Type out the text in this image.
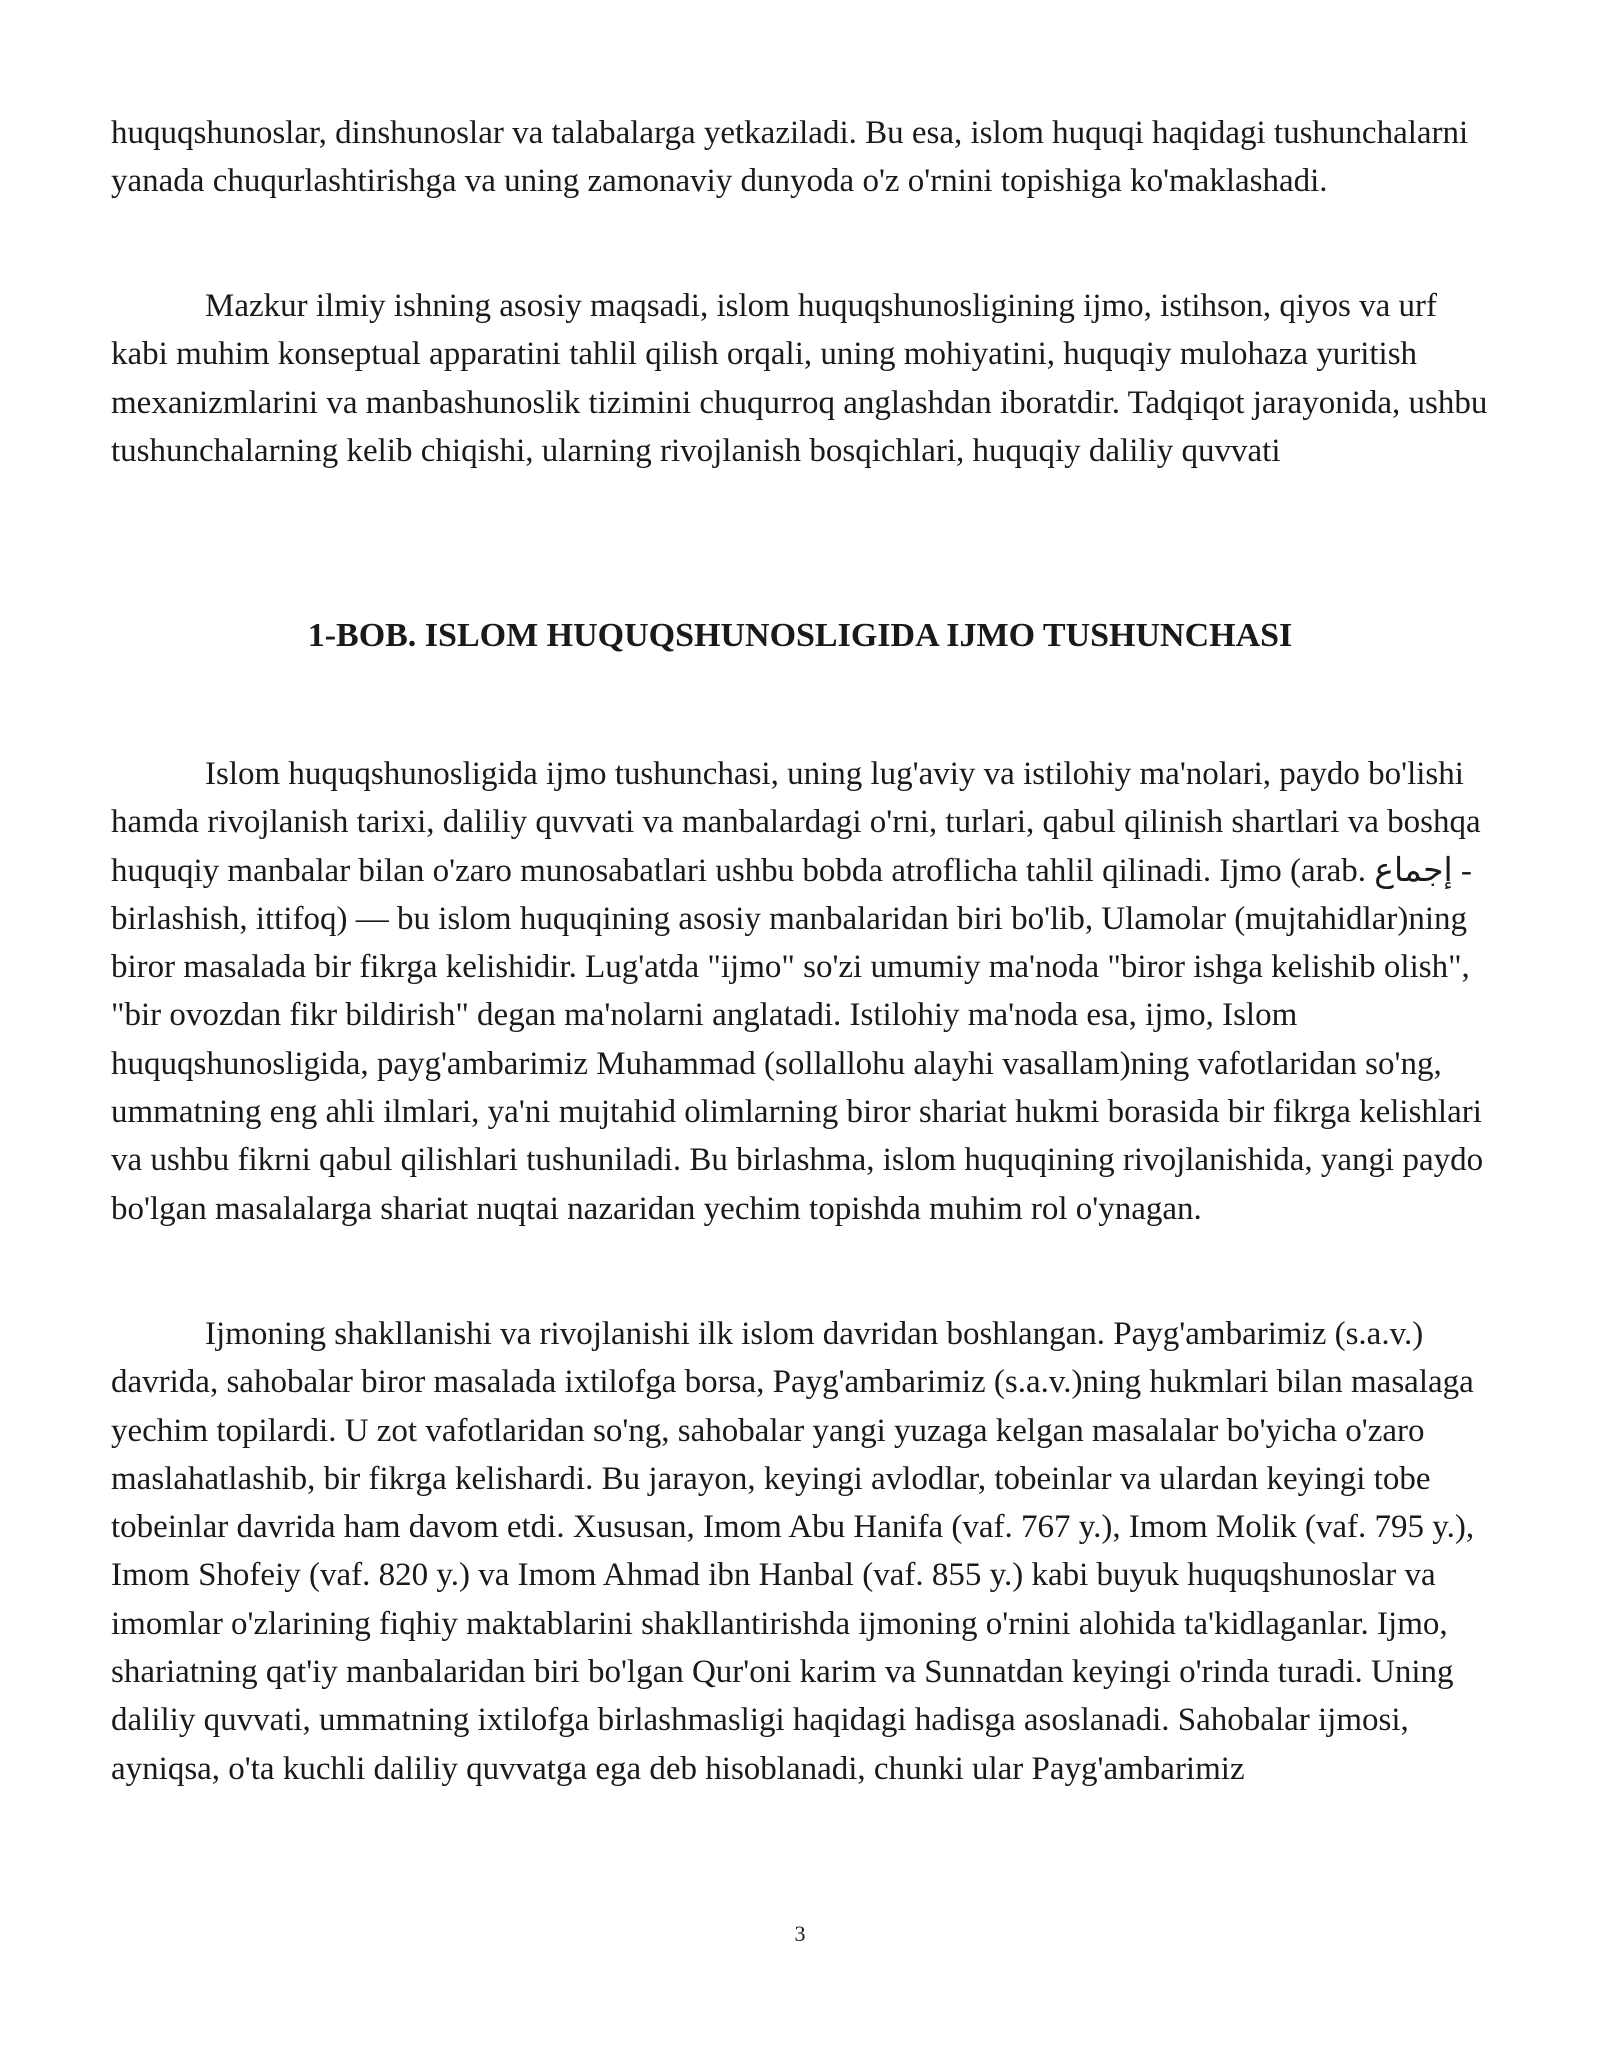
huquqshunoslar, dinshunoslar va talabalarga yetkaziladi. Bu esa, islom huquqi haqidagi tushunchalarni yanada chuqurlashtirishga va uning zamonaviy dunyoda o'z o'rnini topishiga ko'maklashadi.

Mazkur ilmiy ishning asosiy maqsadi, islom huquqshunosligining ijmo, istihson, qiyos va urf kabi muhim konseptual apparatini tahlil qilish orqali, uning mohiyatini, huquqiy mulohaza yuritish mexanizmlarini va manbashunoslik tizimini chuqurroq anglashdan iboratdir. Tadqiqot jarayonida, ushbu tushunchalarning kelib chiqishi, ularning rivojlanish bosqichlari, huquqiy daliliy quvvati

1-BOB. ISLOM HUQUQSHUNOSLIGIDA IJMO TUSHUNCHASI

Islom huquqshunosligida ijmo tushunchasi, uning lug'aviy va istilohiy ma'nolari, paydo bo'lishi hamda rivojlanish tarixi, daliliy quvvati va manbalardagi o'rni, turlari, qabul qilinish shartlari va boshqa huquqiy manbalar bilan o'zaro munosabatlari ushbu bobda atroflicha tahlil qilinadi. Ijmo (arab. إجماع - birlashish, ittifoq) — bu islom huquqining asosiy manbalaridan biri bo'lib, Ulamolar (mujtahidlar)ning biror masalada bir fikrga kelishidir. Lug'atda "ijmo" so'zi umumiy ma'noda "biror ishga kelishib olish", "bir ovozdan fikr bildirish" degan ma'nolarni anglatadi. Istilohiy ma'noda esa, ijmo, Islom huquqshunosligida, payg'ambarimiz Muhammad (sollallohu alayhi vasallam)ning vafotlaridan so'ng, ummatning eng ahli ilmlari, ya'ni mujtahid olimlarning biror shariat hukmi borasida bir fikrga kelishlari va ushbu fikrni qabul qilishlari tushuniladi. Bu birlashma, islom huquqining rivojlanishida, yangi paydo bo'lgan masalalarga shariat nuqtai nazaridan yechim topishda muhim rol o'ynagan.

Ijmoning shakllanishi va rivojlanishi ilk islom davridan boshlangan. Payg'ambarimiz (s.a.v.) davrida, sahobalar biror masalada ixtilofga borsa, Payg'ambarimiz (s.a.v.)ning hukmlari bilan masalaga yechim topilardi. U zot vafotlaridan so'ng, sahobalar yangi yuzaga kelgan masalalar bo'yicha o'zaro maslahatlashib, bir fikrga kelishardi. Bu jarayon, keyingi avlodlar, tobeinlar va ulardan keyingi tobe tobeinlar davrida ham davom etdi. Xususan, Imom Abu Hanifa (vaf. 767 y.), Imom Molik (vaf. 795 y.), Imom Shofeiy (vaf. 820 y.) va Imom Ahmad ibn Hanbal (vaf. 855 y.) kabi buyuk huquqshunoslar va imomlar o'zlarining fiqhiy maktablarini shakllantirishda ijmoning o'rnini alohida ta'kidlaganlar. Ijmo, shariatning qat'iy manbalaridan biri bo'lgan Qur'oni karim va Sunnatdan keyingi o'rinda turadi. Uning daliliy quvvati, ummatning ixtilofga birlashmasligi haqidagi hadisga asoslanadi. Sahobalar ijmosi, ayniqsa, o'ta kuchli daliliy quvvatga ega deb hisoblanadi, chunki ular Payg'ambarimiz

3
